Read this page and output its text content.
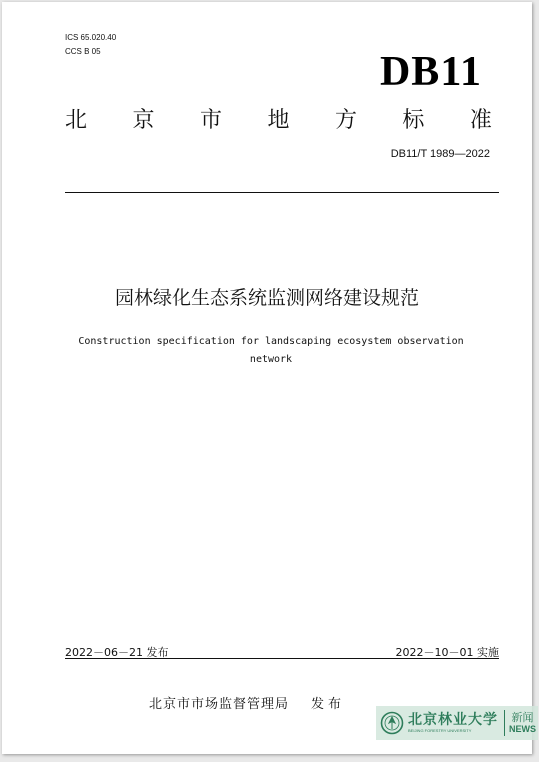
ICS 65.020.40
CCS B 05	DB11
北 京 市 地 方 标 准
DB11/T 1989—2022
园林绿化生态系统监测网络建设规范
Construction specification for landscaping ecosystem observation
network
2022－06－21 发布	2022－10－01 实施
北京市市场监督管理局 发布
北京林业大学
BEIJING FORESTRY UNIVERSITY
新闻
NEWS
